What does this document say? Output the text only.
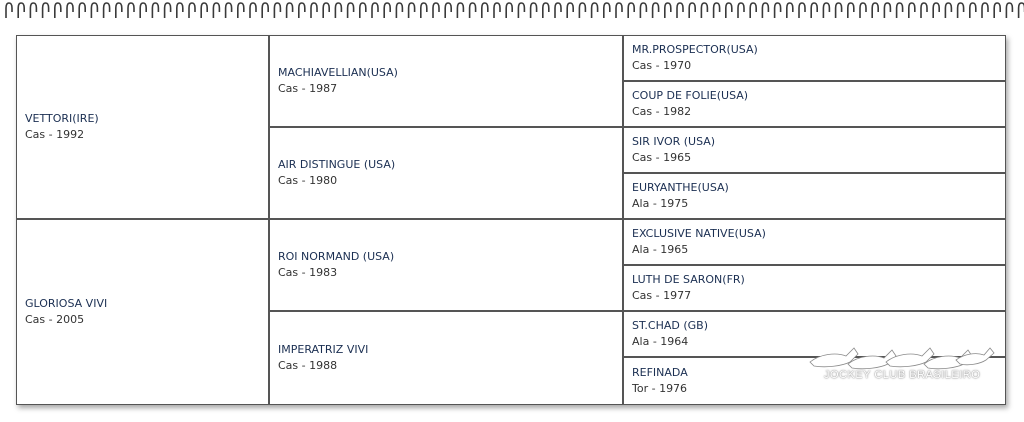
VETTORI(IRE)
Cas - 1992
GLORIOSA VIVI
Cas - 2005
MACHIAVELLIAN(USA)
Cas - 1987
AIR DISTINGUE (USA)
Cas - 1980
ROI NORMAND (USA)
Cas - 1983
IMPERATRIZ VIVI
Cas - 1988
MR.PROSPECTOR(USA)
Cas - 1970
COUP DE FOLIE(USA)
Cas - 1982
SIR IVOR (USA)
Cas - 1965
EURYANTHE(USA)
Ala - 1975
EXCLUSIVE NATIVE(USA)
Ala - 1965
LUTH DE SARON(FR)
Cas - 1977
ST.CHAD (GB)
Ala - 1964
REFINADA
Tor - 1976
JOCKEY CLUB BRASILEIRO
